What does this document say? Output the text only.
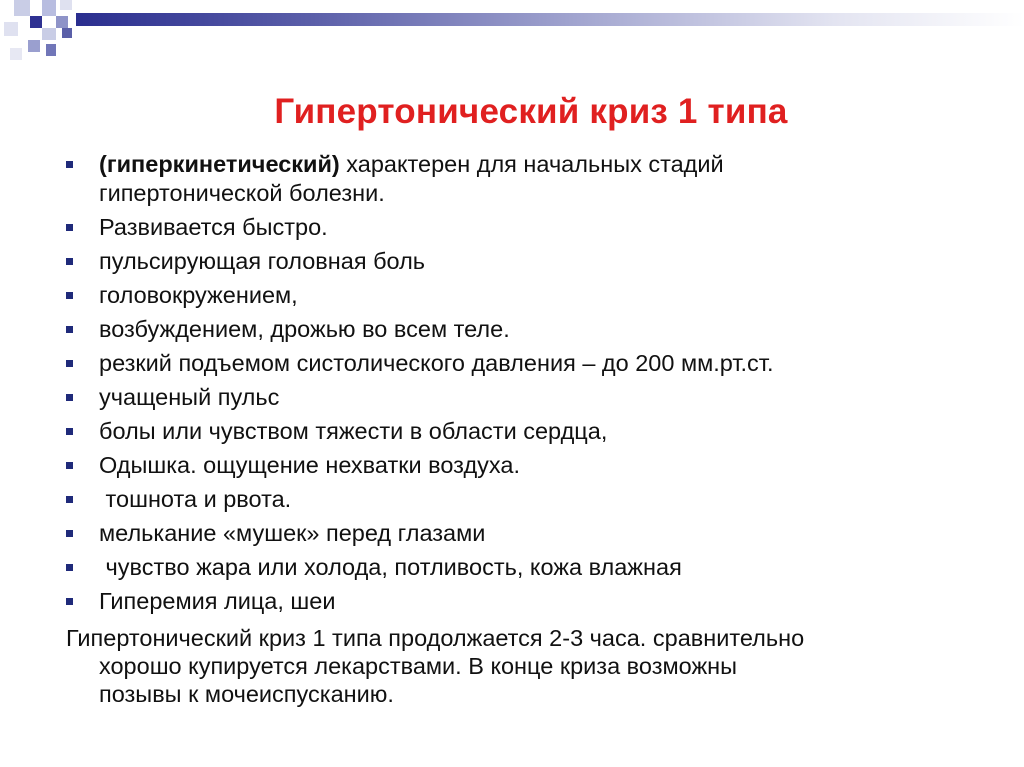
Гипертонический криз 1 типа
(гиперкинетический) характерен для начальных стадий
гипертонической болезни.
Развивается быстро.
пульсирующая головная боль
головокружением,
возбуждением, дрожью во всем теле.
резкий подъемом систолического давления – до 200 мм.рт.ст.
учащеный пульс
болы или чувством тяжести в области сердца,
Одышка. ощущение нехватки воздуха.
тошнота и рвота.
мелькание «мушек» перед глазами
чувство жара или холода, потливость, кожа влажная
Гиперемия лица, шеи
Гипертонический криз 1 типа продолжается 2-3 часа. сравнительно
хорошо купируется лекарствами. В конце криза возможны
позывы к мочеиспусканию.
